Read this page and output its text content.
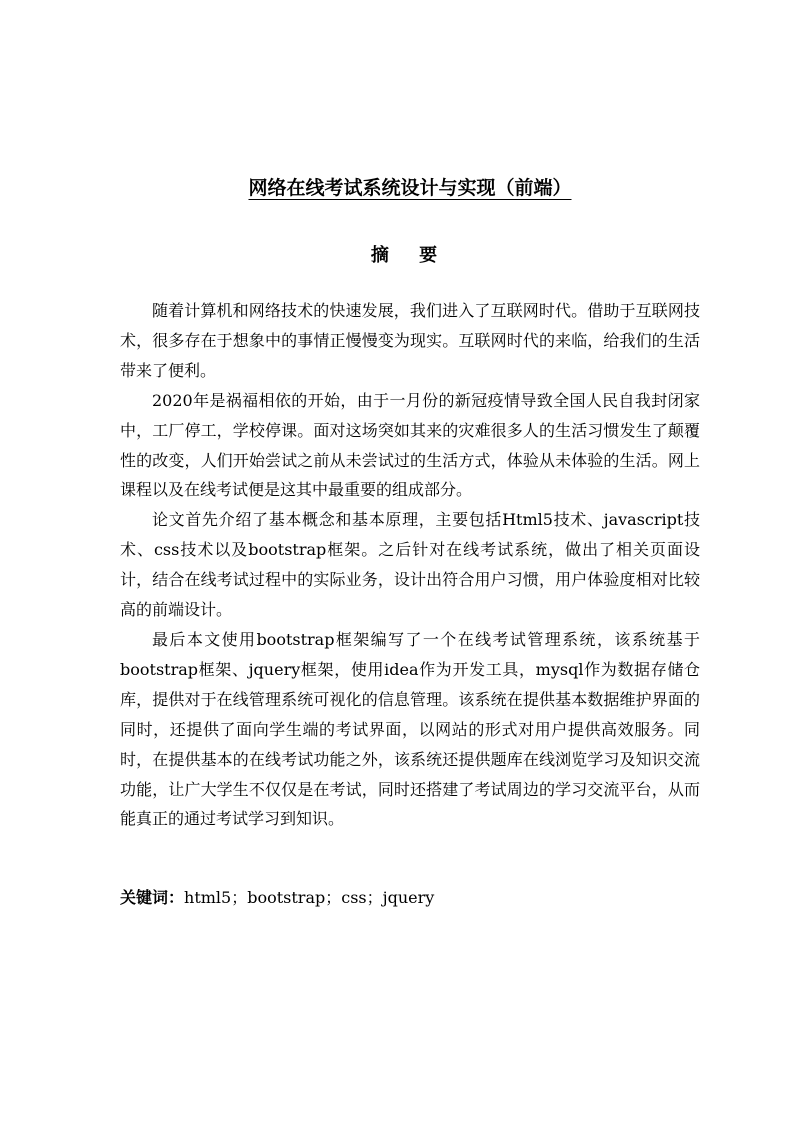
网络在线考试系统设计与实现（前端）
摘 要

随着计算机和网络技术的快速发展，我们进入了互联网时代。借助于互联网技术，很多存在于想象中的事情正慢慢变为现实。互联网时代的来临，给我们的生活带来了便利。

2020年是祸福相依的开始，由于一月份的新冠疫情导致全国人民自我封闭家中，工厂停工，学校停课。面对这场突如其来的灾难很多人的生活习惯发生了颠覆性的改变，人们开始尝试之前从未尝试过的生活方式，体验从未体验的生活。网上课程以及在线考试便是这其中最重要的组成部分。

论文首先介绍了基本概念和基本原理，主要包括Html5技术、javascript技术、css技术以及bootstrap框架。之后针对在线考试系统，做出了相关页面设计，结合在线考试过程中的实际业务，设计出符合用户习惯，用户体验度相对比较高的前端设计。

最后本文使用bootstrap框架编写了一个在线考试管理系统，该系统基于bootstrap框架、jquery框架，使用idea作为开发工具，mysql作为数据存储仓库，提供对于在线管理系统可视化的信息管理。该系统在提供基本数据维护界面的同时，还提供了面向学生端的考试界面，以网站的形式对用户提供高效服务。同时，在提供基本的在线考试功能之外，该系统还提供题库在线浏览学习及知识交流功能，让广大学生不仅仅是在考试，同时还搭建了考试周边的学习交流平台，从而能真正的通过考试学习到知识。

关键词：html5；bootstrap；css；jquery
